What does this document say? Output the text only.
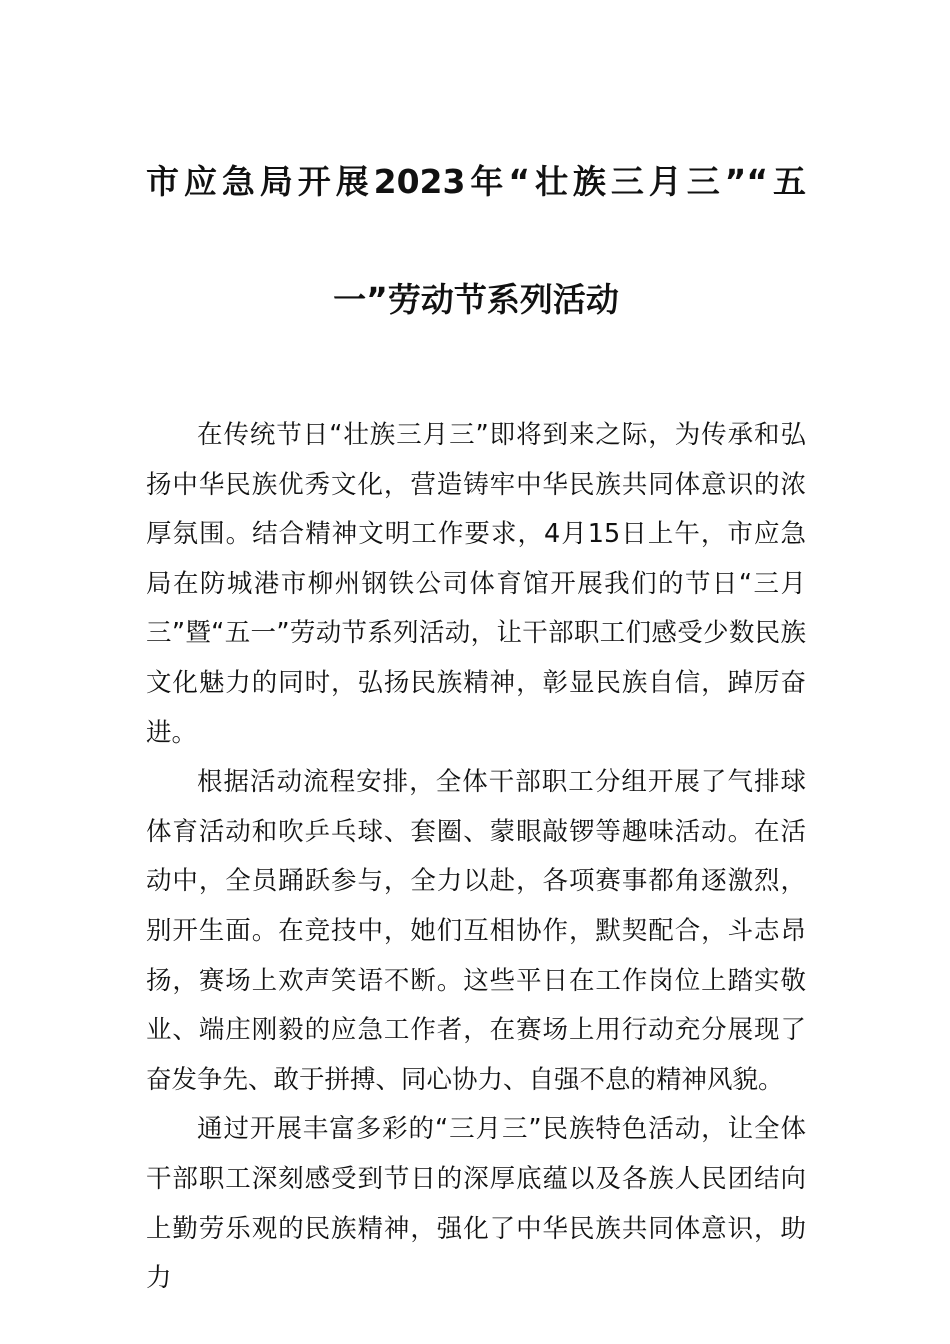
市应急局开展2023年“壮族三月三”“五
一”劳动节系列活动

在传统节日“壮族三月三”即将到来之际，为传承和弘扬中华民族优秀文化，营造铸牢中华民族共同体意识的浓厚氛围。结合精神文明工作要求，4月15日上午，市应急局在防城港市柳州钢铁公司体育馆开展我们的节日“三月三”暨“五一”劳动节系列活动，让干部职工们感受少数民族文化魅力的同时，弘扬民族精神，彰显民族自信，踔厉奋进。

根据活动流程安排，全体干部职工分组开展了气排球体育活动和吹乒乓球、套圈、蒙眼敲锣等趣味活动。在活动中，全员踊跃参与，全力以赴，各项赛事都角逐激烈，别开生面。在竞技中，她们互相协作，默契配合，斗志昂扬，赛场上欢声笑语不断。这些平日在工作岗位上踏实敬业、端庄刚毅的应急工作者，在赛场上用行动充分展现了奋发争先、敢于拼搏、同心协力、自强不息的精神风貌。

通过开展丰富多彩的“三月三”民族特色活动，让全体干部职工深刻感受到节日的深厚底蕴以及各族人民团结向上勤劳乐观的民族精神，强化了中华民族共同体意识，助力
